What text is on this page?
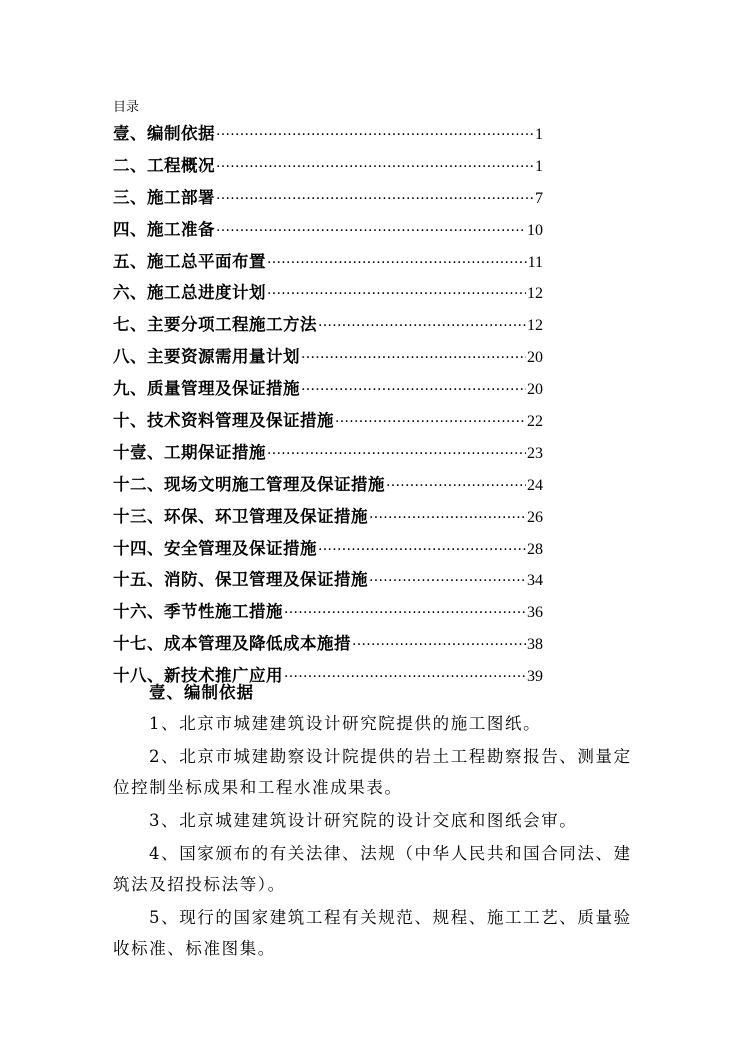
目录
壹、编制依据 ·····	1
二、工程概况 ·····	1
三、施工部署 ·····	7
四、施工准备 ·····	10
五、施工总平面布置 ·····	11
六、施工总进度计划 ·····	12
七、主要分项工程施工方法 ·····	12
八、主要资源需用量计划 ·····	20
九、质量管理及保证措施 ·····	20
十、技术资料管理及保证措施 ·····	22
十壹、工期保证措施 ·····	23
十二、现场文明施工管理及保证措施 ·····	24
十三、环保、环卫管理及保证措施 ·····	26
十四、安全管理及保证措施 ·····	28
十五、消防、保卫管理及保证措施 ·····	34
十六、季节性施工措施 ·····	36
十七、成本管理及降低成本施措 ·····	38
十八、新技术推广应用 ·····	39
壹、编制依据

1、北京市城建建筑设计研究院提供的施工图纸。

2、北京市城建勘察设计院提供的岩土工程勘察报告、测量定位控制坐标成果和工程水准成果表。

3、北京城建建筑设计研究院的设计交底和图纸会审。

4、国家颁布的有关法律、法规（中华人民共和国合同法、建筑法及招投标法等）。

5、现行的国家建筑工程有关规范、规程、施工工艺、质量验收标准、标准图集。
